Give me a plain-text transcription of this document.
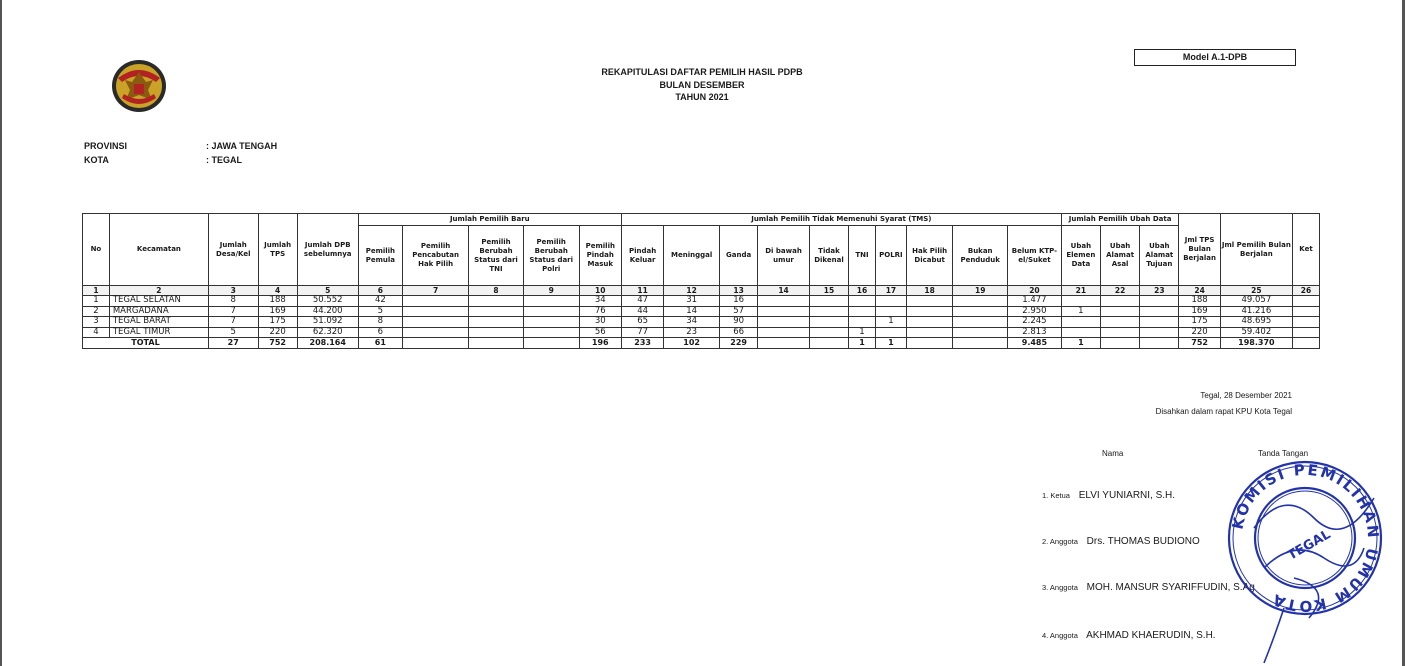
Model A.1-DPB
REKAPITULASI DAFTAR PEMILIH HASIL PDPB
BULAN DESEMBER
TAHUN 2021
PROVINSI	: JAWA TENGAH
KOTA	: TEGAL
No	Kecamatan	Jumlah Desa/Kel	Jumlah TPS	Jumlah DPB sebelumnya	Jumlah Pemilih Baru					Jumlah Pemilih Tidak Memenuhi Syarat (TMS)										Jumlah Pemilih Ubah Data			Jml TPS Bulan Berjalan	Jml Pemilih Bulan Berjalan	Ket
					Pemilih Pemula	Pemilih Pencabutan Hak Pilih	Pemilih Berubah Status dari TNI	Pemilih Berubah Status dari Polri	Pemilih Pindah Masuk	Pindah Keluar	Meninggal	Ganda	Di bawah umur	Tidak Dikenal	TNI	POLRI	Hak Pilih Dicabut	Bukan Penduduk	Belum KTP-el/Suket	Ubah Elemen Data	Ubah Alamat Asal	Ubah Alamat Tujuan			
1	2	3	4	5	6	7	8	9	10	11	12	13	14	15	16	17	18	19	20	21	22	23	24	25	26
1	TEGAL SELATAN	8	188	50.552	42				34	47	31	16							1.477				188	49.057	
2	MARGADANA	7	169	44.200	5				76	44	14	57							2.950	1			169	41.216	
3	TEGAL BARAT	7	175	51.092	8				30	65	34	90				1			2.245				175	48.695	
4	TEGAL TIMUR	5	220	62.320	6				56	77	23	66			1				2.813				220	59.402	
TOTAL		27	752	208.164	61				196	233	102	229			1	1			9.485	1			752	198.370	
Tegal, 28 Desember 2021
Disahkan dalam rapat KPU Kota Tegal
Nama	Tanda Tangan
1. Ketua ELVI YUNIARNI, S.H.
2. Anggota Drs. THOMAS BUDIONO
3. Anggota MOH. MANSUR SYARIFFUDIN, S.Ag
4. Anggota AKHMAD KHAERUDIN, S.H.
KOMISI PEMILIHAN UMUM KOTA
TEGAL
